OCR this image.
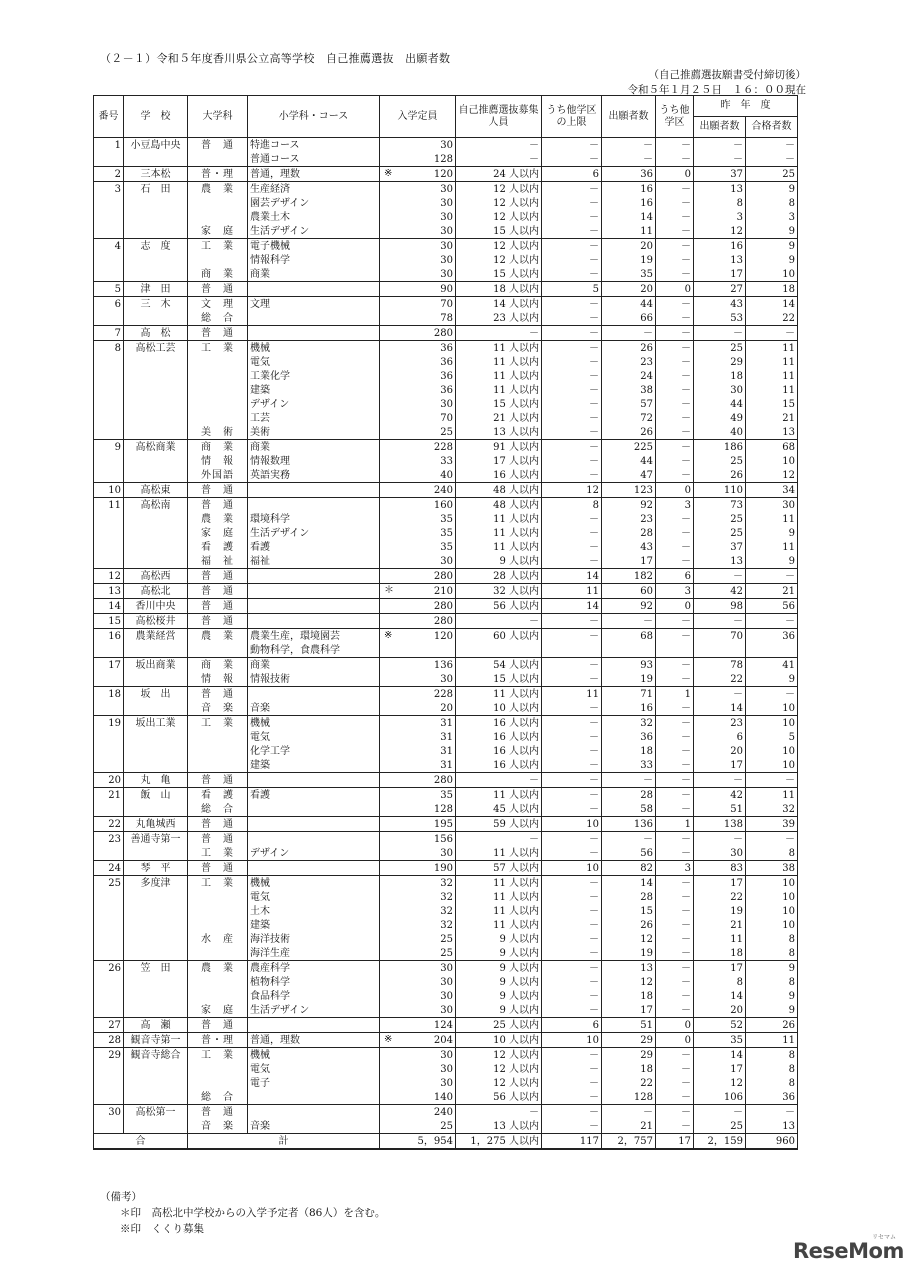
（２－１）令和５年度香川県公立高等学校　自己推薦選抜　出願者数
（自己推薦選抜願書受付締切後）
令和５年１月２５日　１６：００現在
番号	学　校	大学科	小学科・コース	入学定員	自己推薦選抜募集人員	うち他学区の上限	出願者数	うち他学区	昨　年　度	
									出願者数	合格者数
1	小豆島中央	普　通	特進コース	30	－	－	－	－	－	－
			普通コース	128	－	－	－	－	－	－
2	三本松	普・理	普通，理数	※ 120	24 人以内	6	36	0	37	25
3	石　田	農　業	生産経済	30	12 人以内	－	16	－	13	9
			園芸デザイン	30	12 人以内	－	16	－	8	8
			農業土木	30	12 人以内	－	14	－	3	3
		家　庭	生活デザイン	30	15 人以内	－	11	－	12	9
4	志　度	工　業	電子機械	30	12 人以内	－	20	－	16	9
			情報科学	30	12 人以内	－	19	－	13	9
		商　業	商業	30	15 人以内	－	35	－	17	10
5	津　田	普　通		90	18 人以内	5	20	0	27	18
6	三　木	文　理	文理	70	14 人以内	－	44	－	43	14
		総　合		78	23 人以内	－	66	－	53	22
7	高　松	普　通		280	－	－	－	－	－	－
8	高松工芸	工　業	機械	36	11 人以内	－	26	－	25	11
			電気	36	11 人以内	－	23	－	29	11
			工業化学	36	11 人以内	－	24	－	18	11
			建築	36	11 人以内	－	38	－	30	11
			デザイン	30	15 人以内	－	57	－	44	15
			工芸	70	21 人以内	－	72	－	49	21
		美　術	美術	25	13 人以内	－	26	－	40	13
9	高松商業	商　業	商業	228	91 人以内	－	225	－	186	68
		情　報	情報数理	33	17 人以内	－	44	－	25	10
		外国語	英語実務	40	16 人以内	－	47	－	26	12
10	高松東	普　通		240	48 人以内	12	123	0	110	34
11	高松南	普　通		160	48 人以内	8	92	3	73	30
		農　業	環境科学	35	11 人以内	－	23	－	25	11
		家　庭	生活デザイン	35	11 人以内	－	28	－	25	9
		看　護	看護	35	11 人以内	－	43	－	37	11
		福　祉	福祉	30	9 人以内	－	17	－	13	9
12	高松西	普　通		280	28 人以内	14	182	6	－	－
13	高松北	普　通		＊ 210	32 人以内	11	60	3	42	21
14	香川中央	普　通		280	56 人以内	14	92	0	98	56
15	高松桜井	普　通		280	－	－	－	－	－	－
16	農業経営	農　業	農業生産，環境園芸	※ 120	60 人以内	－	68	－	70	36
			動物科学，食農科学							
17	坂出商業	商　業	商業	136	54 人以内	－	93	－	78	41
		情　報	情報技術	30	15 人以内	－	19	－	22	9
18	坂　出	普　通		228	11 人以内	11	71	1	－	－
		音　楽	音楽	20	10 人以内	－	16	－	14	10
19	坂出工業	工　業	機械	31	16 人以内	－	32	－	23	10
			電気	31	16 人以内	－	36	－	6	5
			化学工学	31	16 人以内	－	18	－	20	10
			建築	31	16 人以内	－	33	－	17	10
20	丸　亀	普　通		280	－	－	－	－	－	－
21	飯　山	看　護	看護	35	11 人以内	－	28	－	42	11
		総　合		128	45 人以内	－	58	－	51	32
22	丸亀城西	普　通		195	59 人以内	10	136	1	138	39
23	善通寺第一	普　通		156	－	－	－	－	－	－
		工　業	デザイン	30	11 人以内	－	56	－	30	8
24	琴　平	普　通		190	57 人以内	10	82	3	83	38
25	多度津	工　業	機械	32	11 人以内	－	14	－	17	10
			電気	32	11 人以内	－	28	－	22	10
			土木	32	11 人以内	－	15	－	19	10
			建築	32	11 人以内	－	26	－	21	10
		水　産	海洋技術	25	9 人以内	－	12	－	11	8
			海洋生産	25	9 人以内	－	19	－	18	8
26	笠　田	農　業	農産科学	30	9 人以内	－	13	－	17	9
			植物科学	30	9 人以内	－	12	－	8	8
			食品科学	30	9 人以内	－	18	－	14	9
		家　庭	生活デザイン	30	9 人以内	－	17	－	20	9
27	高　瀬	普　通		124	25 人以内	6	51	0	52	26
28	観音寺第一	普・理	普通，理数	※ 204	10 人以内	10	29	0	35	11
29	観音寺総合	工　業	機械	30	12 人以内	－	29	－	14	8
			電気	30	12 人以内	－	18	－	17	8
			電子	30	12 人以内	－	22	－	12	8
		総　合		140	56 人以内	－	128	－	106	36
30	高松第一	普　通		240	－	－	－	－	－	－
		音　楽	音楽	25	13 人以内	－	21	－	25	13
合		計		5，954	1，275 人以内	117	2，757	17	2，159	960
（備考）
＊印　高松北中学校からの入学予定者（86人）を含む。
※印　くくり募集
リセマム
ReseMom
